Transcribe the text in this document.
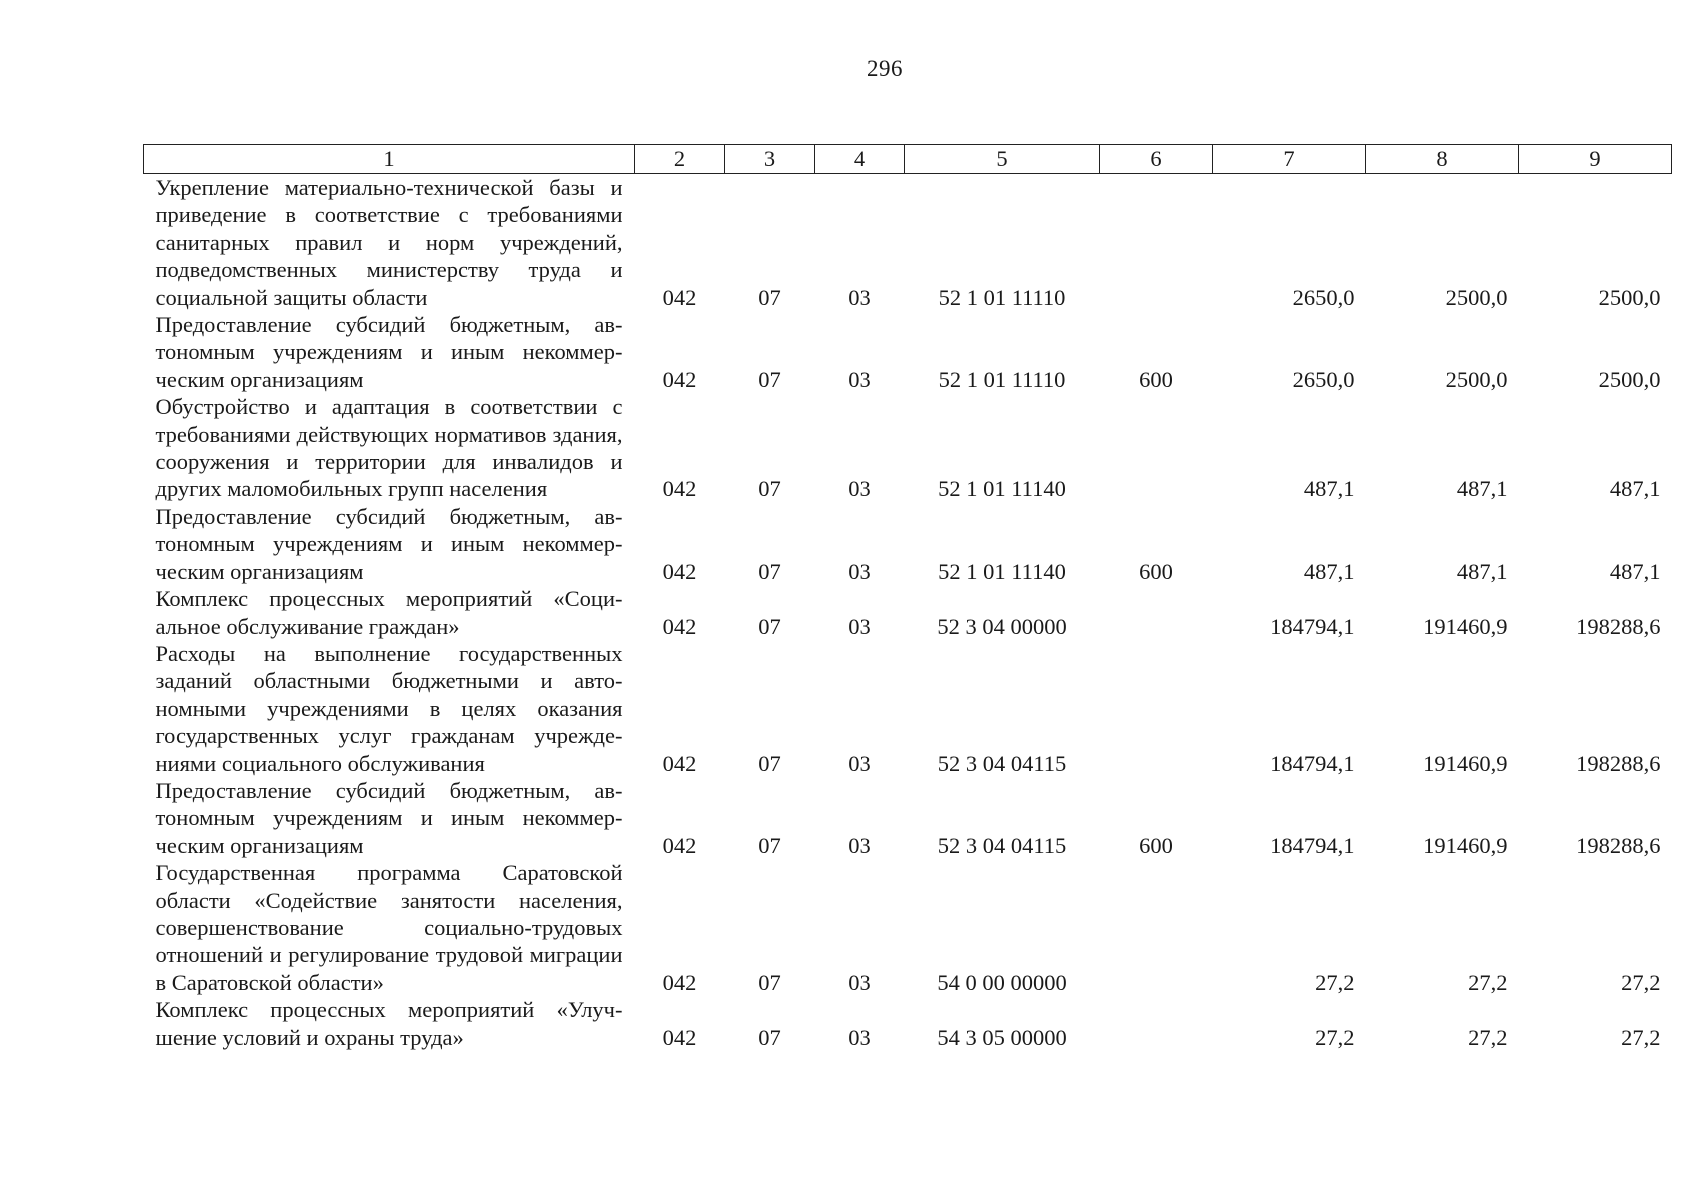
296
1	2	3	4	5	6	7	8	9
Укрепление материально-технической базы и приведение в соответствие с требованиями санитарных правил и норм учреждений, подведомственных министерству труда и социальной защиты области	042	07	03	52 1 01 11110		2650,0	2500,0	2500,0
Предоставление субсидий бюджетным, автономным учреждениям и иным некоммерческим организациям	042	07	03	52 1 01 11110	600	2650,0	2500,0	2500,0
Обустройство и адаптация в соответствии с требованиями действующих нормативов здания, сооружения и территории для инвалидов и других маломобильных групп населения	042	07	03	52 1 01 11140		487,1	487,1	487,1
Предоставление субсидий бюджетным, автономным учреждениям и иным некоммерческим организациям	042	07	03	52 1 01 11140	600	487,1	487,1	487,1
Комплекс процессных мероприятий «Социальное обслуживание граждан»	042	07	03	52 3 04 00000		184794,1	191460,9	198288,6
Расходы на выполнение государственных заданий областными бюджетными и автономными учреждениями в целях оказания государственных услуг гражданам учреждениями социального обслуживания	042	07	03	52 3 04 04115		184794,1	191460,9	198288,6
Предоставление субсидий бюджетным, автономным учреждениям и иным некоммерческим организациям	042	07	03	52 3 04 04115	600	184794,1	191460,9	198288,6
Государственная программа Саратовской области «Содействие занятости населения, совершенствование социально-трудовых отношений и регулирование трудовой миграции в Саратовской области»	042	07	03	54 0 00 00000		27,2	27,2	27,2
Комплекс процессных мероприятий «Улучшение условий и охраны труда»	042	07	03	54 3 05 00000		27,2	27,2	27,2
